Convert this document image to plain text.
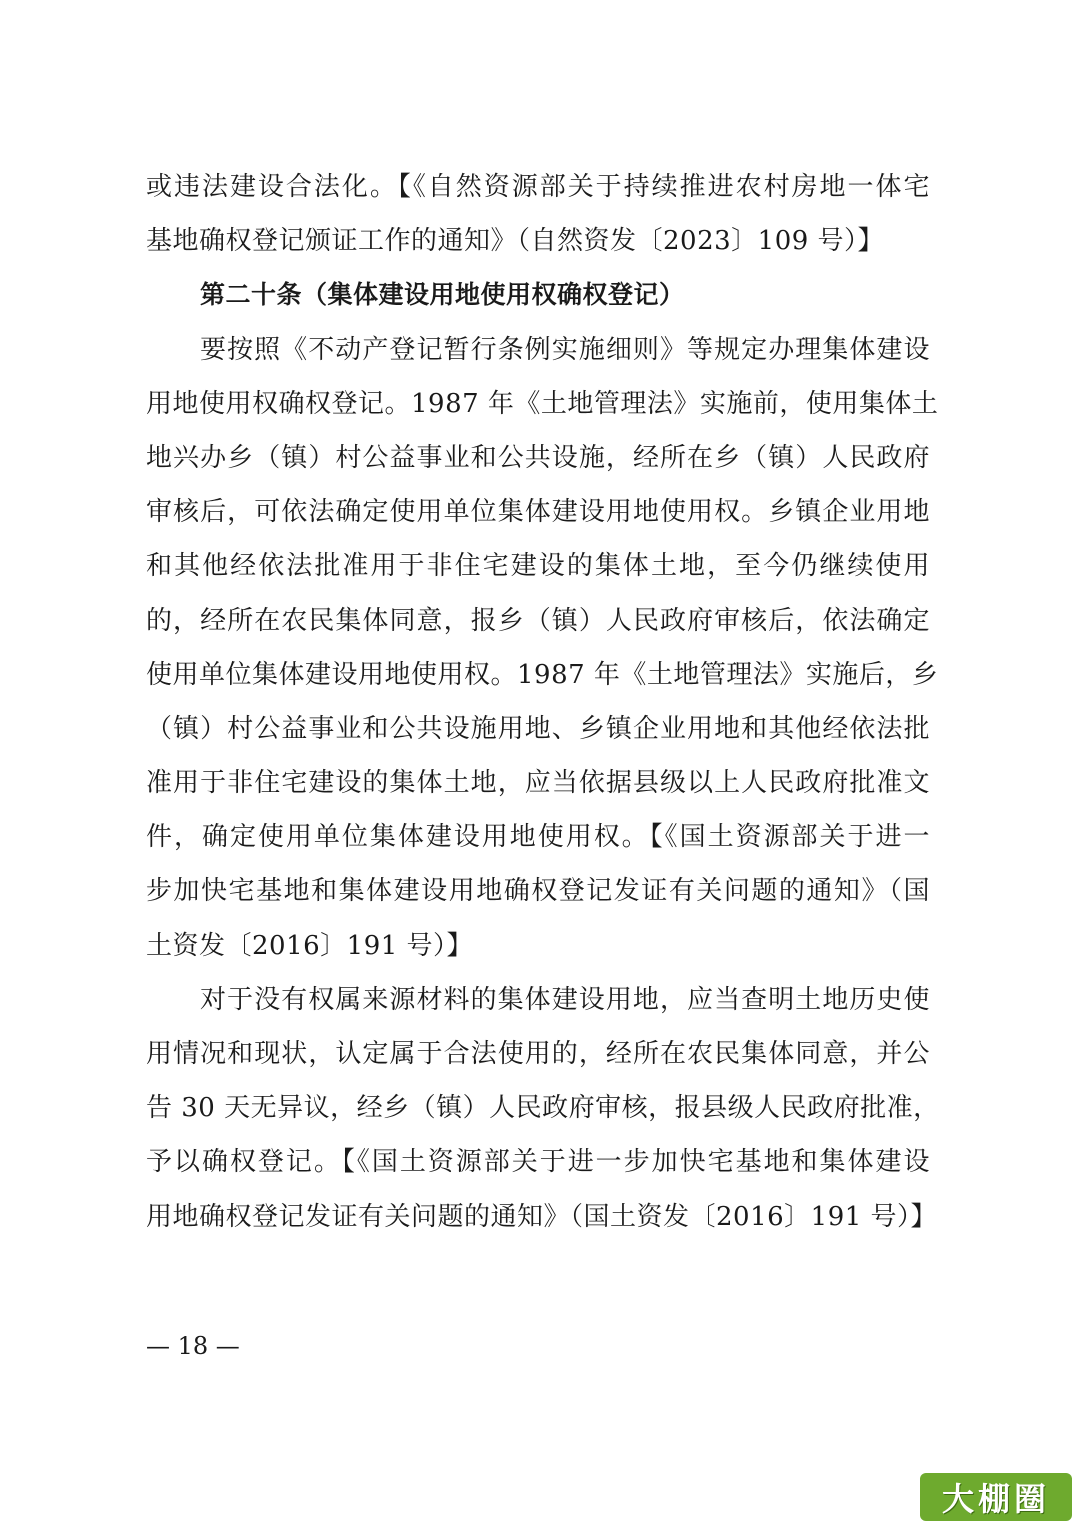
或违法建设合法化。【《自然资源部关于持续推进农村房地一体宅
基地确权登记颁证工作的通知》（自然资发〔2023〕109 号）】
第二十条（集体建设用地使用权确权登记）
要按照《不动产登记暂行条例实施细则》等规定办理集体建设
用地使用权确权登记。1987 年《土地管理法》实施前，使用集体土
地兴办乡（镇）村公益事业和公共设施，经所在乡（镇）人民政府
审核后，可依法确定使用单位集体建设用地使用权。乡镇企业用地
和其他经依法批准用于非住宅建设的集体土地，至今仍继续使用
的，经所在农民集体同意，报乡（镇）人民政府审核后，依法确定
使用单位集体建设用地使用权。1987 年《土地管理法》实施后，乡
（镇）村公益事业和公共设施用地、乡镇企业用地和其他经依法批
准用于非住宅建设的集体土地，应当依据县级以上人民政府批准文
件，确定使用单位集体建设用地使用权。【《国土资源部关于进一
步加快宅基地和集体建设用地确权登记发证有关问题的通知》（国
土资发〔2016〕191 号）】
对于没有权属来源材料的集体建设用地，应当查明土地历史使
用情况和现状，认定属于合法使用的，经所在农民集体同意，并公
告 30 天无异议，经乡（镇）人民政府审核，报县级人民政府批准，
予以确权登记。【《国土资源部关于进一步加快宅基地和集体建设
用地确权登记发证有关问题的通知》（国土资发〔2016〕191 号）】
— 18 —
大棚圈
